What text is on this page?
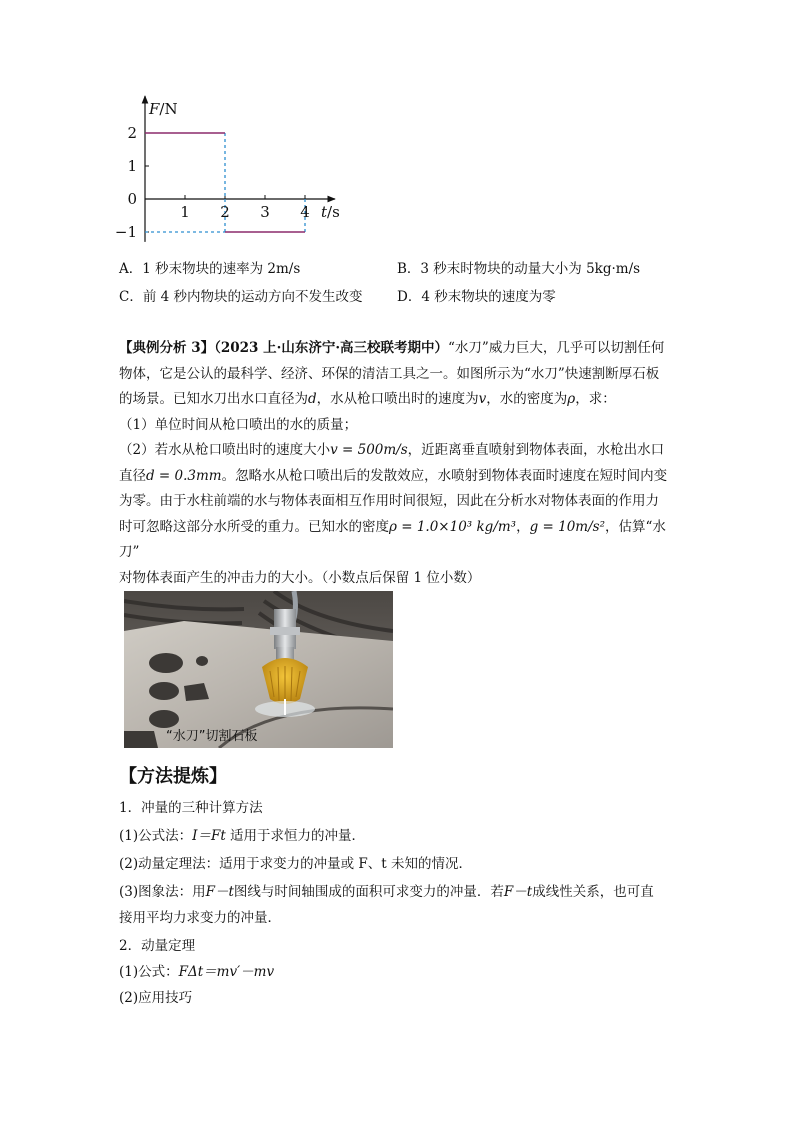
1 2 3 4
2
1
0
−1
F/N
t/s
A．1 秒末物块的速率为 2m/s	B．3 秒末时物块的动量大小为 5kg·m/s
C．前 4 秒内物块的运动方向不发生改变	D．4 秒末物块的速度为零

【典例分析 3】（2023 上·山东济宁·高三校联考期中）“水刀”威力巨大，几乎可以切割任何

物体，它是公认的最科学、经济、环保的清洁工具之一。如图所示为“水刀”快速割断厚石板

的场景。已知水刀出水口直径为d，水从枪口喷出时的速度为v，水的密度为ρ，求：

（1）单位时间从枪口喷出的水的质量；

（2）若水从枪口喷出时的速度大小v = 500m/s，近距离垂直喷射到物体表面，水枪出水口

直径d = 0.3mm。忽略水从枪口喷出后的发散效应，水喷射到物体表面时速度在短时间内变

为零。由于水柱前端的水与物体表面相互作用时间很短，因此在分析水对物体表面的作用力

时可忽略这部分水所受的重力。已知水的密度ρ = 1.0×10³ kg/m³，g = 10m/s²，估算“水刀”

对物体表面产生的冲击力的大小。（小数点后保留 1 位小数）

“水刀”切割石板
【方法提炼】
1．冲量的三种计算方法
(1)公式法：I＝Ft 适用于求恒力的冲量．
(2)动量定理法：适用于求变力的冲量或 F、t 未知的情况．
(3)图象法：用F－t图线与时间轴围成的面积可求变力的冲量．若F－t成线性关系，也可直
接用平均力求变力的冲量．
2．动量定理
(1)公式：FΔt＝mv′－mv
(2)应用技巧
